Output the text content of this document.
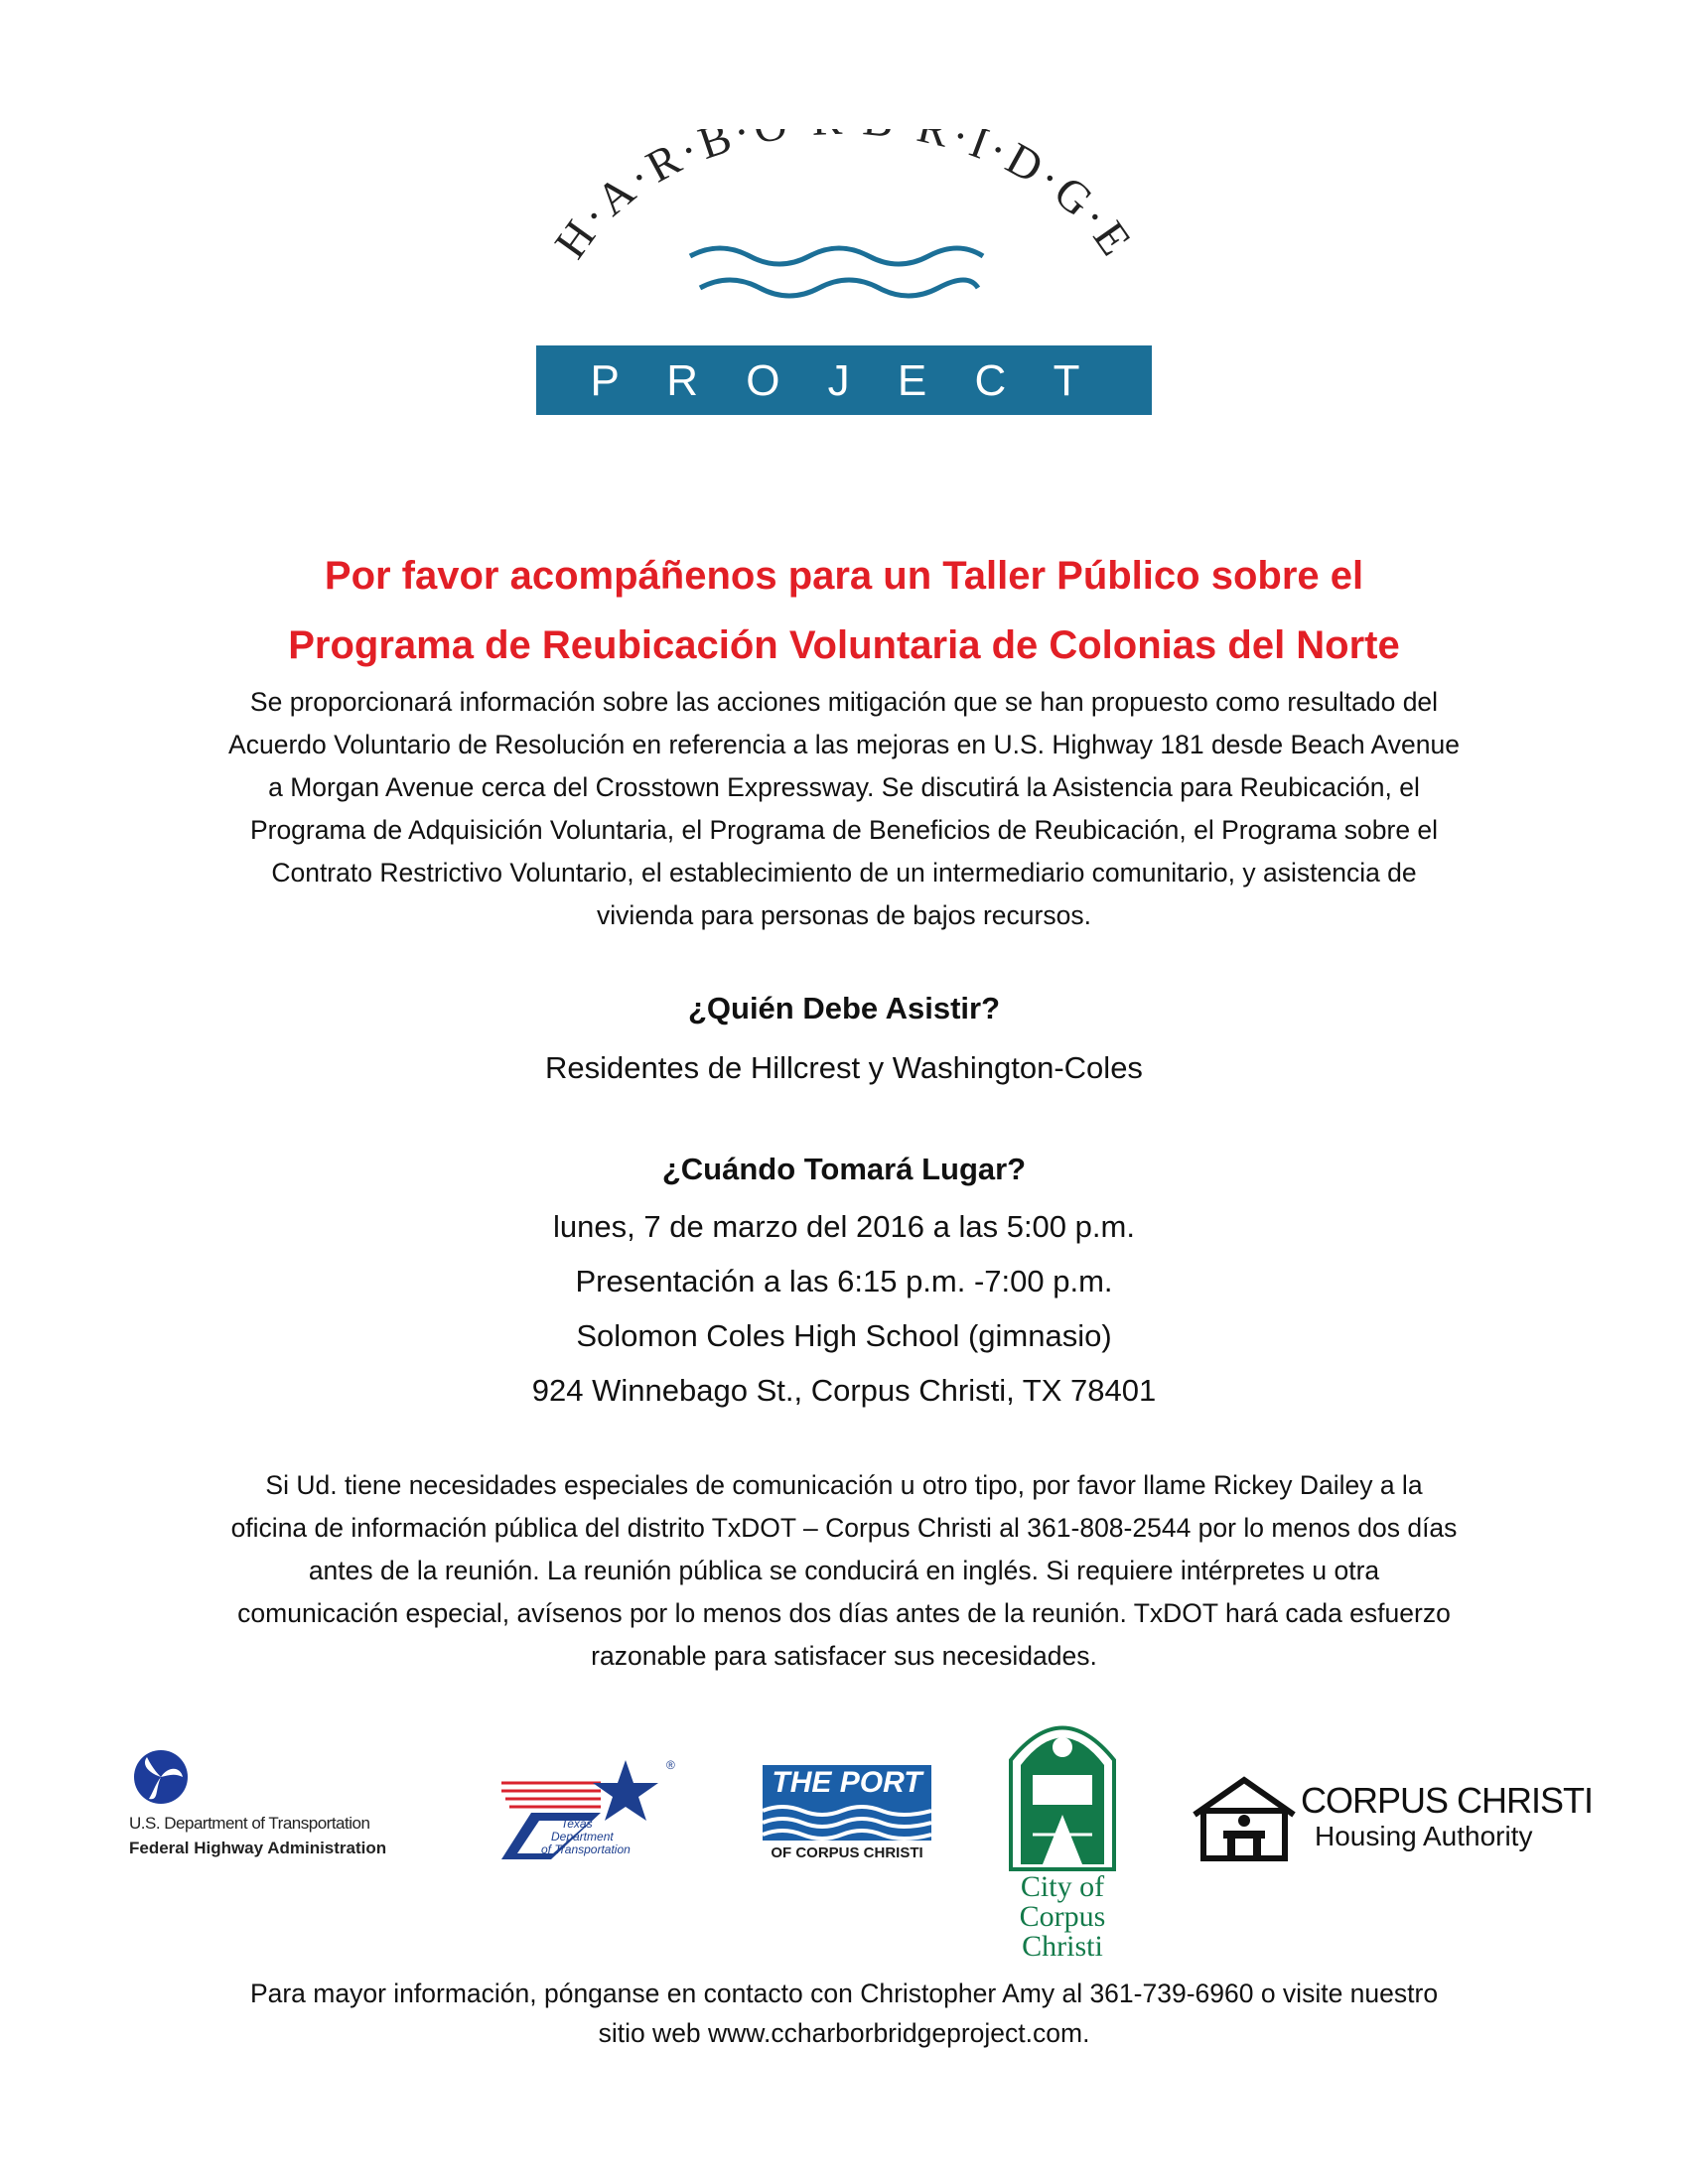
H·A·R·B· ·I·D·G·E
P R O J E C T
Por favor acompáñenos para un Taller Público sobre el
Programa de Reubicación Voluntaria de Colonias del Norte
Se proporcionará información sobre las acciones mitigación que se han propuesto como resultado del
Acuerdo Voluntario de Resolución en referencia a las mejoras en U.S. Highway 181 desde Beach Avenue
a Morgan Avenue cerca del Crosstown Expressway. Se discutirá la Asistencia para Reubicación, el
Programa de Adquisición Voluntaria, el Programa de Beneficios de Reubicación, el Programa sobre el
Contrato Restrictivo Voluntario, el establecimiento de un intermediario comunitario, y asistencia de
vivienda para personas de bajos recursos.
¿Quién Debe Asistir?
Residentes de Hillcrest y Washington-Coles
¿Cuándo Tomará Lugar?
lunes, 7 de marzo del 2016 a las 5:00 p.m.
Presentación a las 6:15 p.m. -7:00 p.m.
Solomon Coles High School (gimnasio)
924 Winnebago St., Corpus Christi, TX 78401
Si Ud. tiene necesidades especiales de comunicación u otro tipo, por favor llame Rickey Dailey a la
oficina de información pública del distrito TxDOT – Corpus Christi al 361-808-2544 por lo menos dos días
antes de la reunión. La reunión pública se conducirá en inglés. Si requiere intérpretes u otra
comunicación especial, avísenos por lo menos dos días antes de la reunión. TxDOT hará cada esfuerzo
razonable para satisfacer sus necesidades.
U.S. Department of Transportation
Federal Highway Administration
®
Texas
Department
of Transportation
THE PORT
OF CORPUS CHRISTI
City of
Corpus
Christi
CORPUS CHRISTI
Housing Authority
Para mayor información, pónganse en contacto con Christopher Amy al 361-739-6960 o visite nuestro
sitio web www.ccharborbridgeproject.com.
